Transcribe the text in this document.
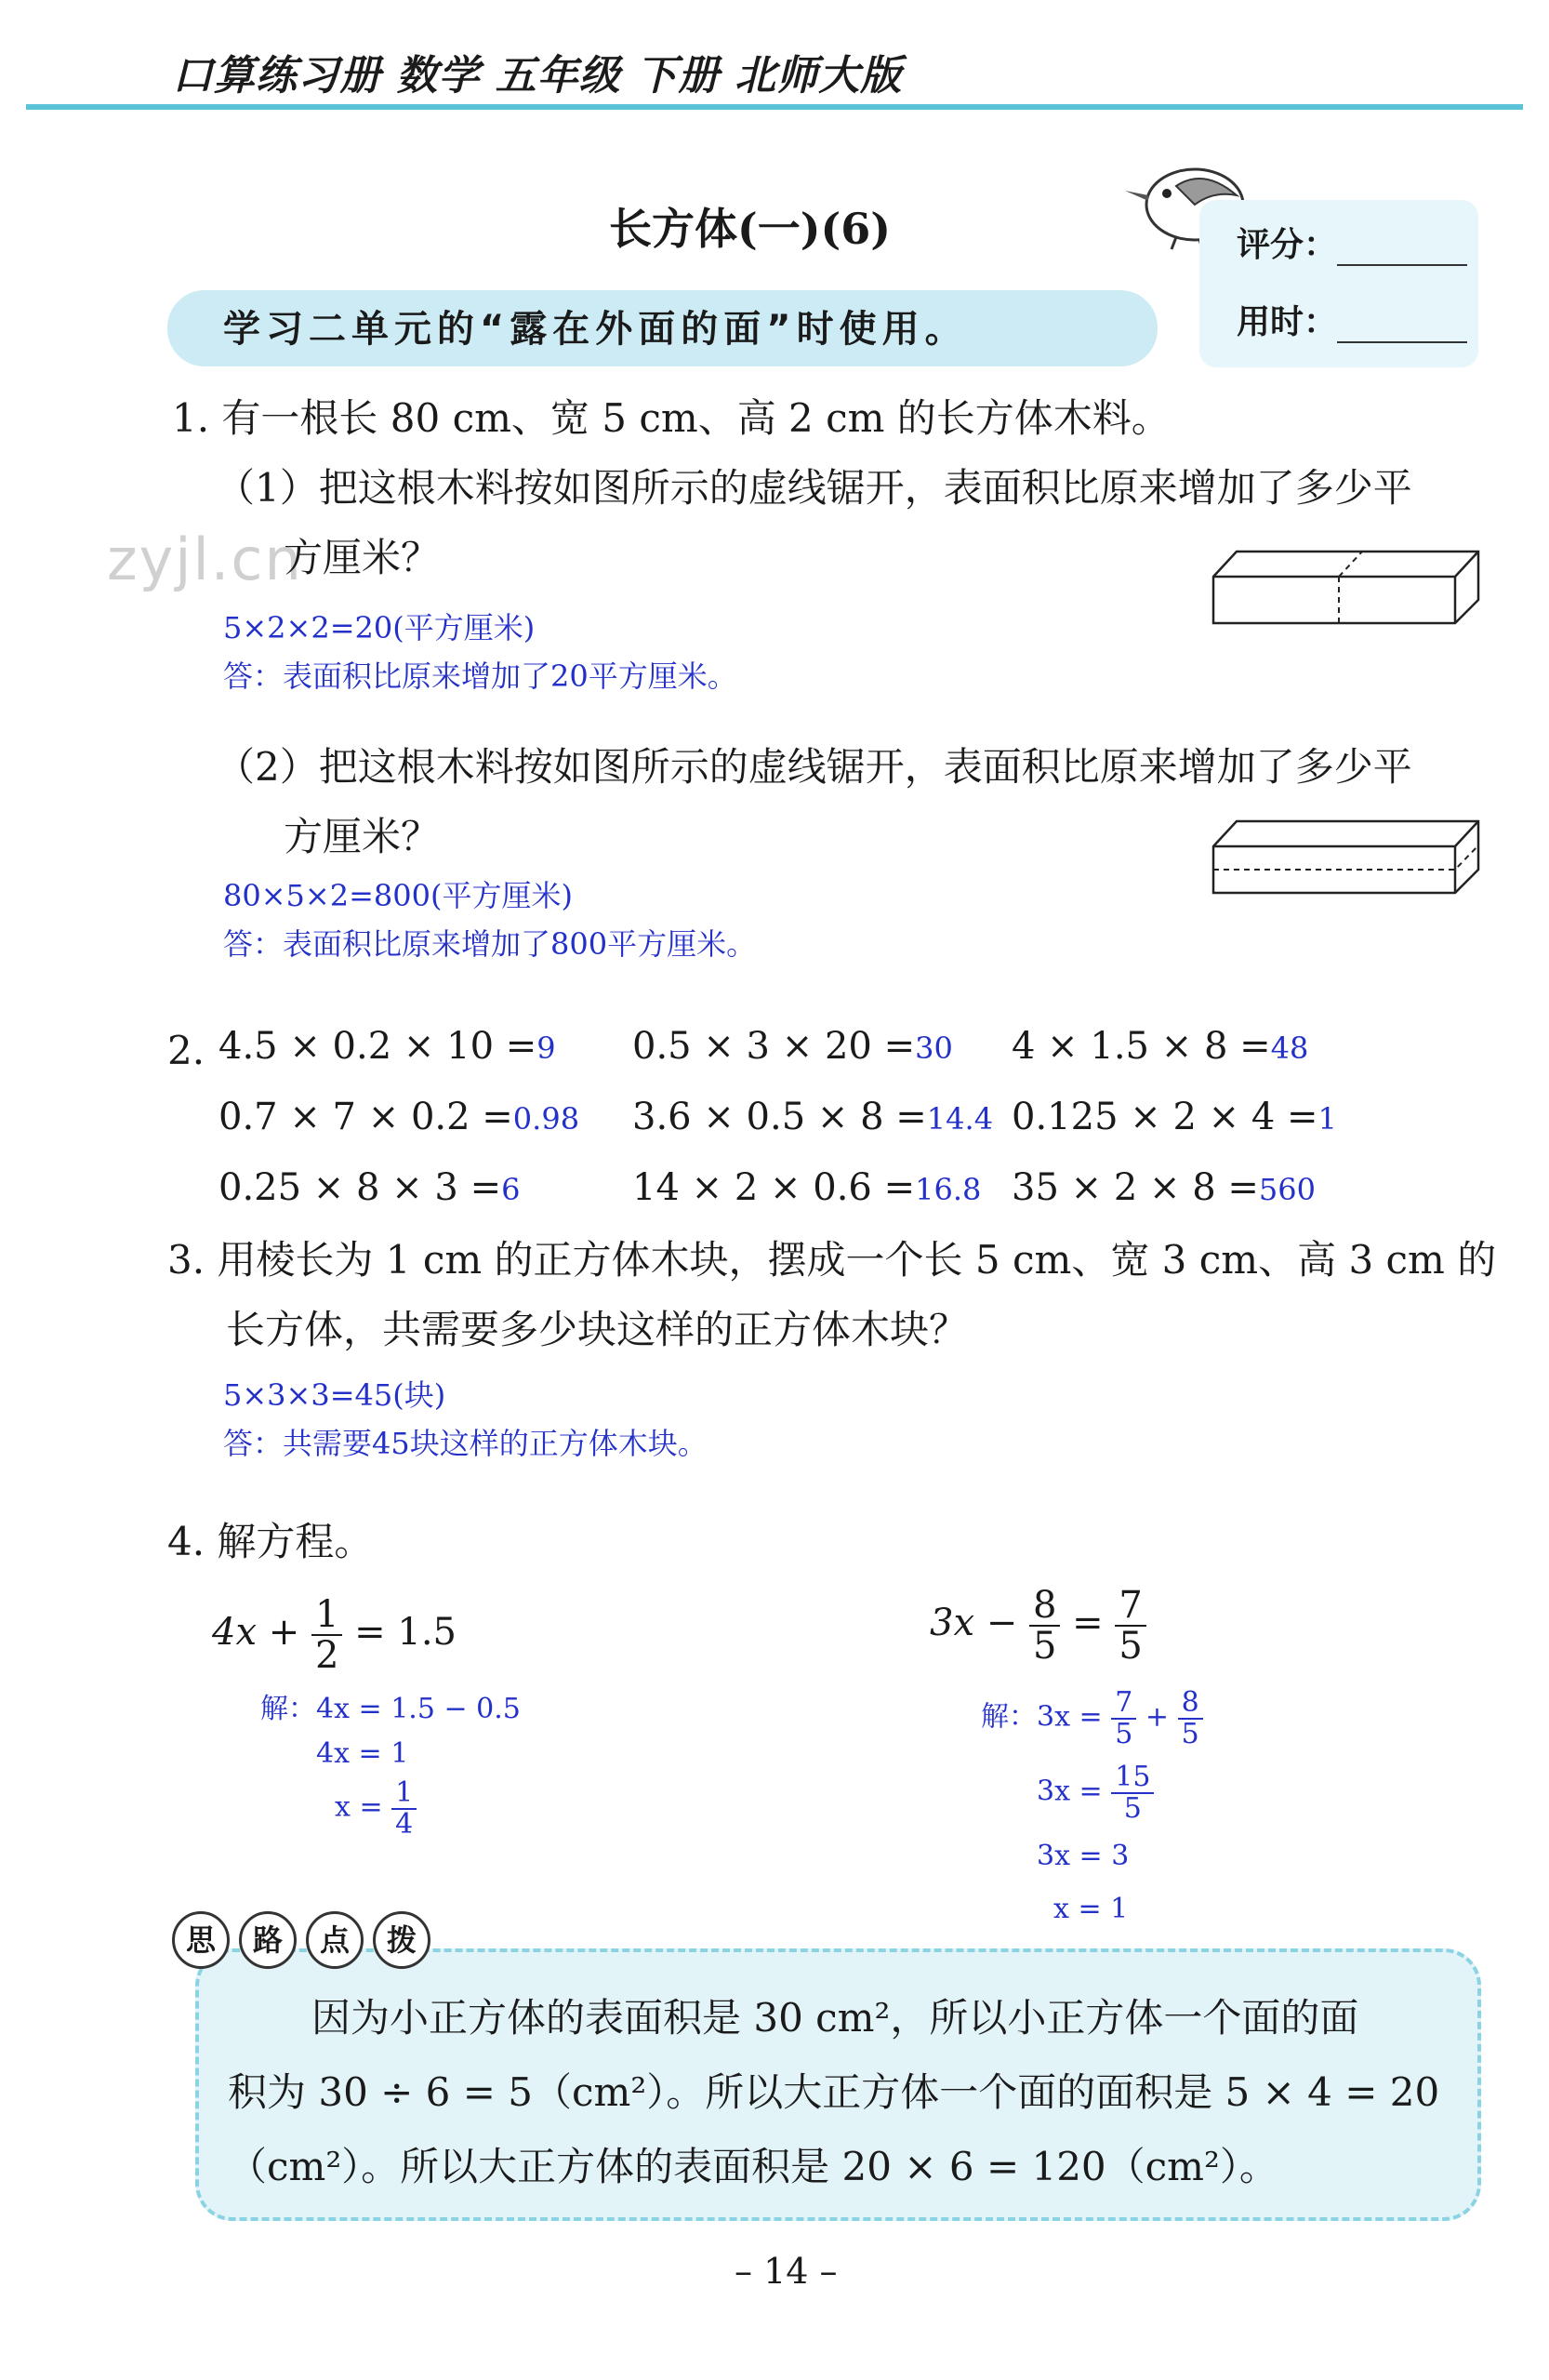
口算练习册 数学 五年级 下册 北师大版
长方体(一)(6)	评分：
用时：
学习二单元的“露在外面的面”时使用。
zyjl.cn
1. 有一根长 80 cm、宽 5 cm、高 2 cm 的长方体木料。
（1）把这根木料按如图所示的虚线锯开，表面积比原来增加了多少平
方厘米？
5×2×2=20(平方厘米)
答：表面积比原来增加了20平方厘米。
（2）把这根木料按如图所示的虚线锯开，表面积比原来增加了多少平
方厘米？
80×5×2=800(平方厘米)
答：表面积比原来增加了800平方厘米。
2. 4.5 × 0.2 × 10 =9 0.5 × 3 × 20 =30 4 × 1.5 × 8 =48
0.7 × 7 × 0.2 =0.98 3.6 × 0.5 × 8 =14.4 0.125 × 2 × 4 =1
0.25 × 8 × 3 =6	14 × 2 × 0.6 =16.8 35 × 2 × 8 =560
3. 用棱长为 1 cm 的正方体木块，摆成一个长 5 cm、宽 3 cm、高 3 cm 的
长方体，共需要多少块这样的正方体木块？
5×3×3=45(块)
答：共需要45块这样的正方体木块。
4. 解方程。
$4x + \frac{1}{2} = 1.5$
解：4x = 1.5 − 0.5
4x = 1
$x = \frac{1}{4}$
$3x - \frac{8}{5} = \frac{7}{5}$
解：$3x = \frac{7}{5} + \frac{8}{5}$
$3x = \frac{15}{5}$
3x = 3
x = 1
思	路	点	拨
因为小正方体的表面积是 30 cm²，所以小正方体一个面的面
积为 30 ÷ 6 = 5（cm²）。所以大正方体一个面的面积是 5 × 4 = 20
（cm²）。所以大正方体的表面积是 20 × 6 = 120（cm²）。
– 14 –
